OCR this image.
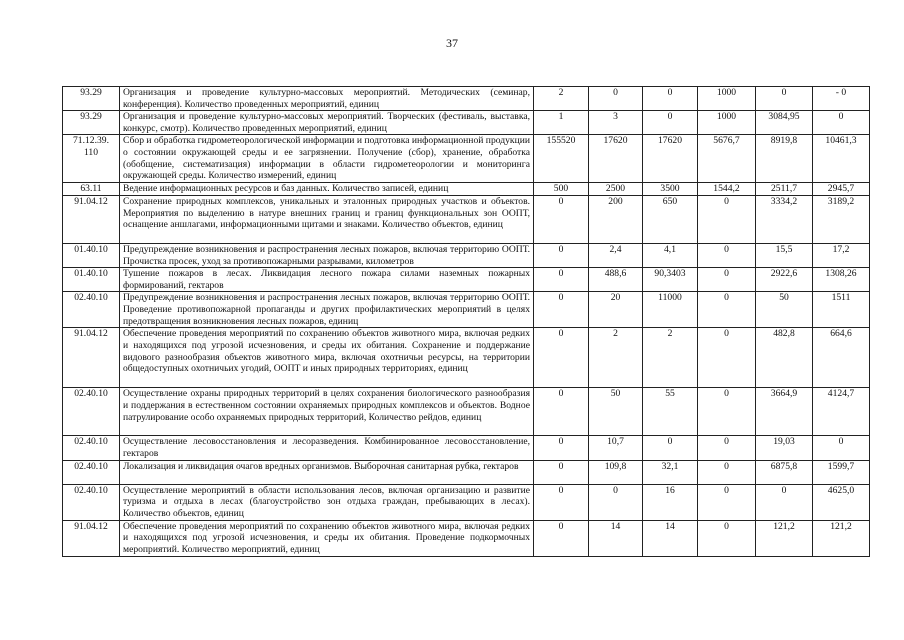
37
93.29	Организация и проведение культурно-массовых мероприятий. Методических (семинар, конференция). Количество проведенных мероприятий, единиц	2	0	0	1000	0	- 0
93.29	Организация и проведение культурно-массовых мероприятий. Творческих (фестиваль, выставка, конкурс, смотр). Количество проведенных мероприятий, единиц	1	3	0	1000	3084,95	0
71.12.39. 110	Сбор и обработка гидрометеорологической информации и подготовка информационной продукции о состоянии окружающей среды и ее загрязнении. Получение (сбор), хранение, обработка (обобщение, систематизация) информации в области гидрометеорологии и мониторинга окружающей среды. Количество измерений, единиц	155520	17620	17620	5676,7	8919,8	10461,3
63.11	Ведение информационных ресурсов и баз данных. Количество записей, единиц	500	2500	3500	1544,2	2511,7	2945,7
91.04.12	Сохранение природных комплексов, уникальных и эталонных природных участков и объектов. Мероприятия по выделению в натуре внешних границ и границ функциональных зон ООПТ, оснащение аншлагами, информационными щитами и знаками. Количество объектов, единиц	0	200	650	0	3334,2	3189,2
01.40.10	Предупреждение возникновения и распространения лесных пожаров, включая территорию ООПТ. Прочистка просек, уход за противопожарными разрывами, километров	0	2,4	4,1	0	15,5	17,2
01.40.10	Тушение пожаров в лесах. Ликвидация лесного пожара силами наземных пожарных формирований, гектаров	0	488,6	90,3403	0	2922,6	1308,26
02.40.10	Предупреждение возникновения и распространения лесных пожаров, включая территорию ООПТ. Проведение противопожарной пропаганды и других профилактических мероприятий в целях предотвращения возникновения лесных пожаров, единиц	0	20	11000	0	50	1511
91.04.12	Обеспечение проведения мероприятий по сохранению объектов животного мира, включая редких и находящихся под угрозой исчезновения, и среды их обитания. Сохранение и поддержание видового разнообразия объектов животного мира, включая охотничьи ресурсы, на территории общедоступных охотничьих угодий, ООПТ и иных природных территориях, единиц	0	2	2	0	482,8	664,6
02.40.10	Осуществление охраны природных территорий в целях сохранения биологического разнообразия и поддержания в естественном состоянии охраняемых природных комплексов и объектов. Водное патрулирование особо охраняемых природных территорий, Количество рейдов, единиц	0	50	55	0	3664,9	4124,7
02.40.10	Осуществление лесовосстановления и лесоразведения. Комбинированное лесовосстановление, гектаров	0	10,7	0	0	19,03	0
02.40.10	Локализация и ликвидация очагов вредных организмов. Выборочная санитарная рубка, гектаров	0	109,8	32,1	0	6875,8	1599,7
02.40.10	Осуществление мероприятий в области использования лесов, включая организацию и развитие туризма и отдыха в лесах (благоустройство зон отдыха граждан, пребывающих в лесах). Количество объектов, единиц	0	0	16	0	0	4625,0
91.04.12	Обеспечение проведения мероприятий по сохранению объектов животного мира, включая редких и находящихся под угрозой исчезновения, и среды их обитания. Проведение подкормочных мероприятий. Количество мероприятий, единиц	0	14	14	0	121,2	121,2
